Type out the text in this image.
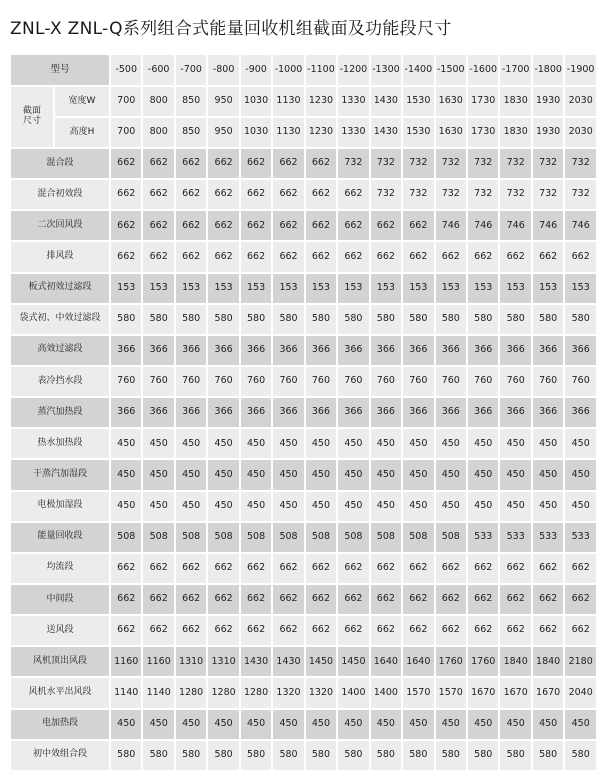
ZNL-X ZNL-Q系列组合式能量回收机组截面及功能段尺寸
型号		-500	-600	-700	-800	-900	-1000	-1100	-1200	-1300	-1400	-1500	-1600	-1700	-1800	-1900

截面
尺寸	宽度W	700	800	850	950	1030	1130	1230	1330	1430	1530	1630	1730	1830	1930	2030
	高度H	700	800	850	950	1030	1130	1230	1330	1430	1530	1630	1730	1830	1930	2030
混合段		662	662	662	662	662	662	662	732	732	732	732	732	732	732	732
混合初效段		662	662	662	662	662	662	662	662	732	732	732	732	732	732	732
二次回风段		662	662	662	662	662	662	662	662	662	662	746	746	746	746	746
排风段		662	662	662	662	662	662	662	662	662	662	662	662	662	662	662
板式初效过滤段		153	153	153	153	153	153	153	153	153	153	153	153	153	153	153
袋式初、中效过滤段		580	580	580	580	580	580	580	580	580	580	580	580	580	580	580
高效过滤段		366	366	366	366	366	366	366	366	366	366	366	366	366	366	366
表冷挡水段		760	760	760	760	760	760	760	760	760	760	760	760	760	760	760
蒸汽加热段		366	366	366	366	366	366	366	366	366	366	366	366	366	366	366
热水加热段		450	450	450	450	450	450	450	450	450	450	450	450	450	450	450
干蒸汽加湿段		450	450	450	450	450	450	450	450	450	450	450	450	450	450	450
电极加湿段		450	450	450	450	450	450	450	450	450	450	450	450	450	450	450
能量回收段		508	508	508	508	508	508	508	508	508	508	508	533	533	533	533
均流段		662	662	662	662	662	662	662	662	662	662	662	662	662	662	662
中间段		662	662	662	662	662	662	662	662	662	662	662	662	662	662	662
送风段		662	662	662	662	662	662	662	662	662	662	662	662	662	662	662
风机顶出风段		1160	1160	1310	1310	1430	1430	1450	1450	1640	1640	1760	1760	1840	1840	2180
风机水平出风段		1140	1140	1280	1280	1280	1320	1320	1400	1400	1570	1570	1670	1670	1670	2040
电加热段		450	450	450	450	450	450	450	450	450	450	450	450	450	450	450
初中效组合段		580	580	580	580	580	580	580	580	580	580	580	580	580	580	580
